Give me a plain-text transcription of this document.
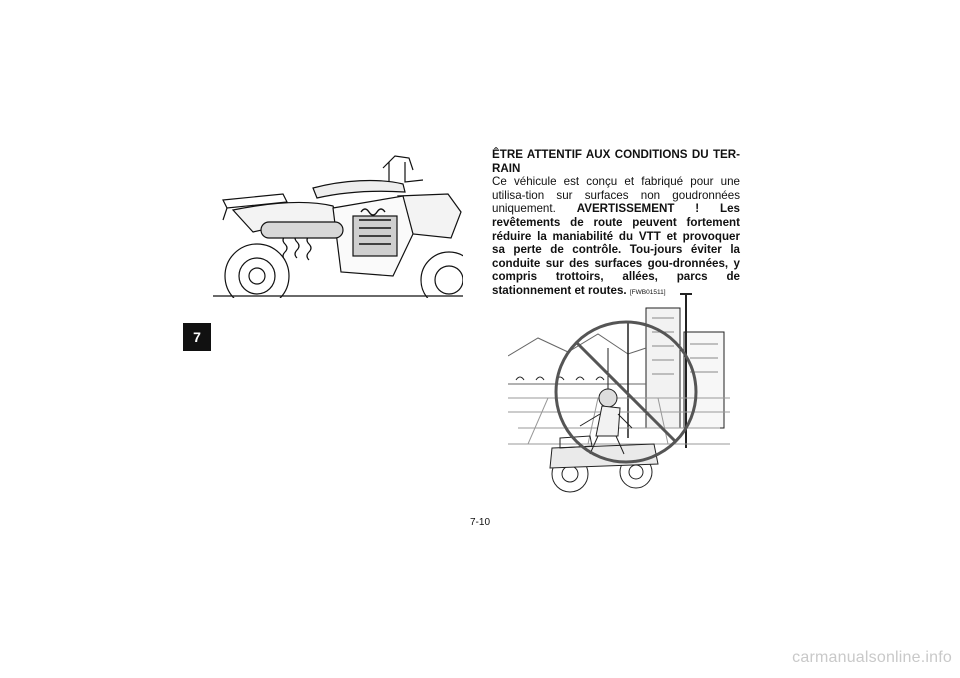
7

ÊTRE ATTENTIF AUX CONDITIONS DU TER-RAIN

Ce véhicule est conçu et fabriqué pour une utilisa-tion sur surfaces non goudronnées uniquement. AVERTISSEMENT ! Les revêtements de route peuvent fortement réduire la maniabilité du VTT et provoquer sa perte de contrôle. Tou-jours éviter la conduite sur des surfaces gou-dronnées, y compris trottoirs, allées, parcs de stationnement et routes. [FWB01511]

7-10
carmanualsonline.info
